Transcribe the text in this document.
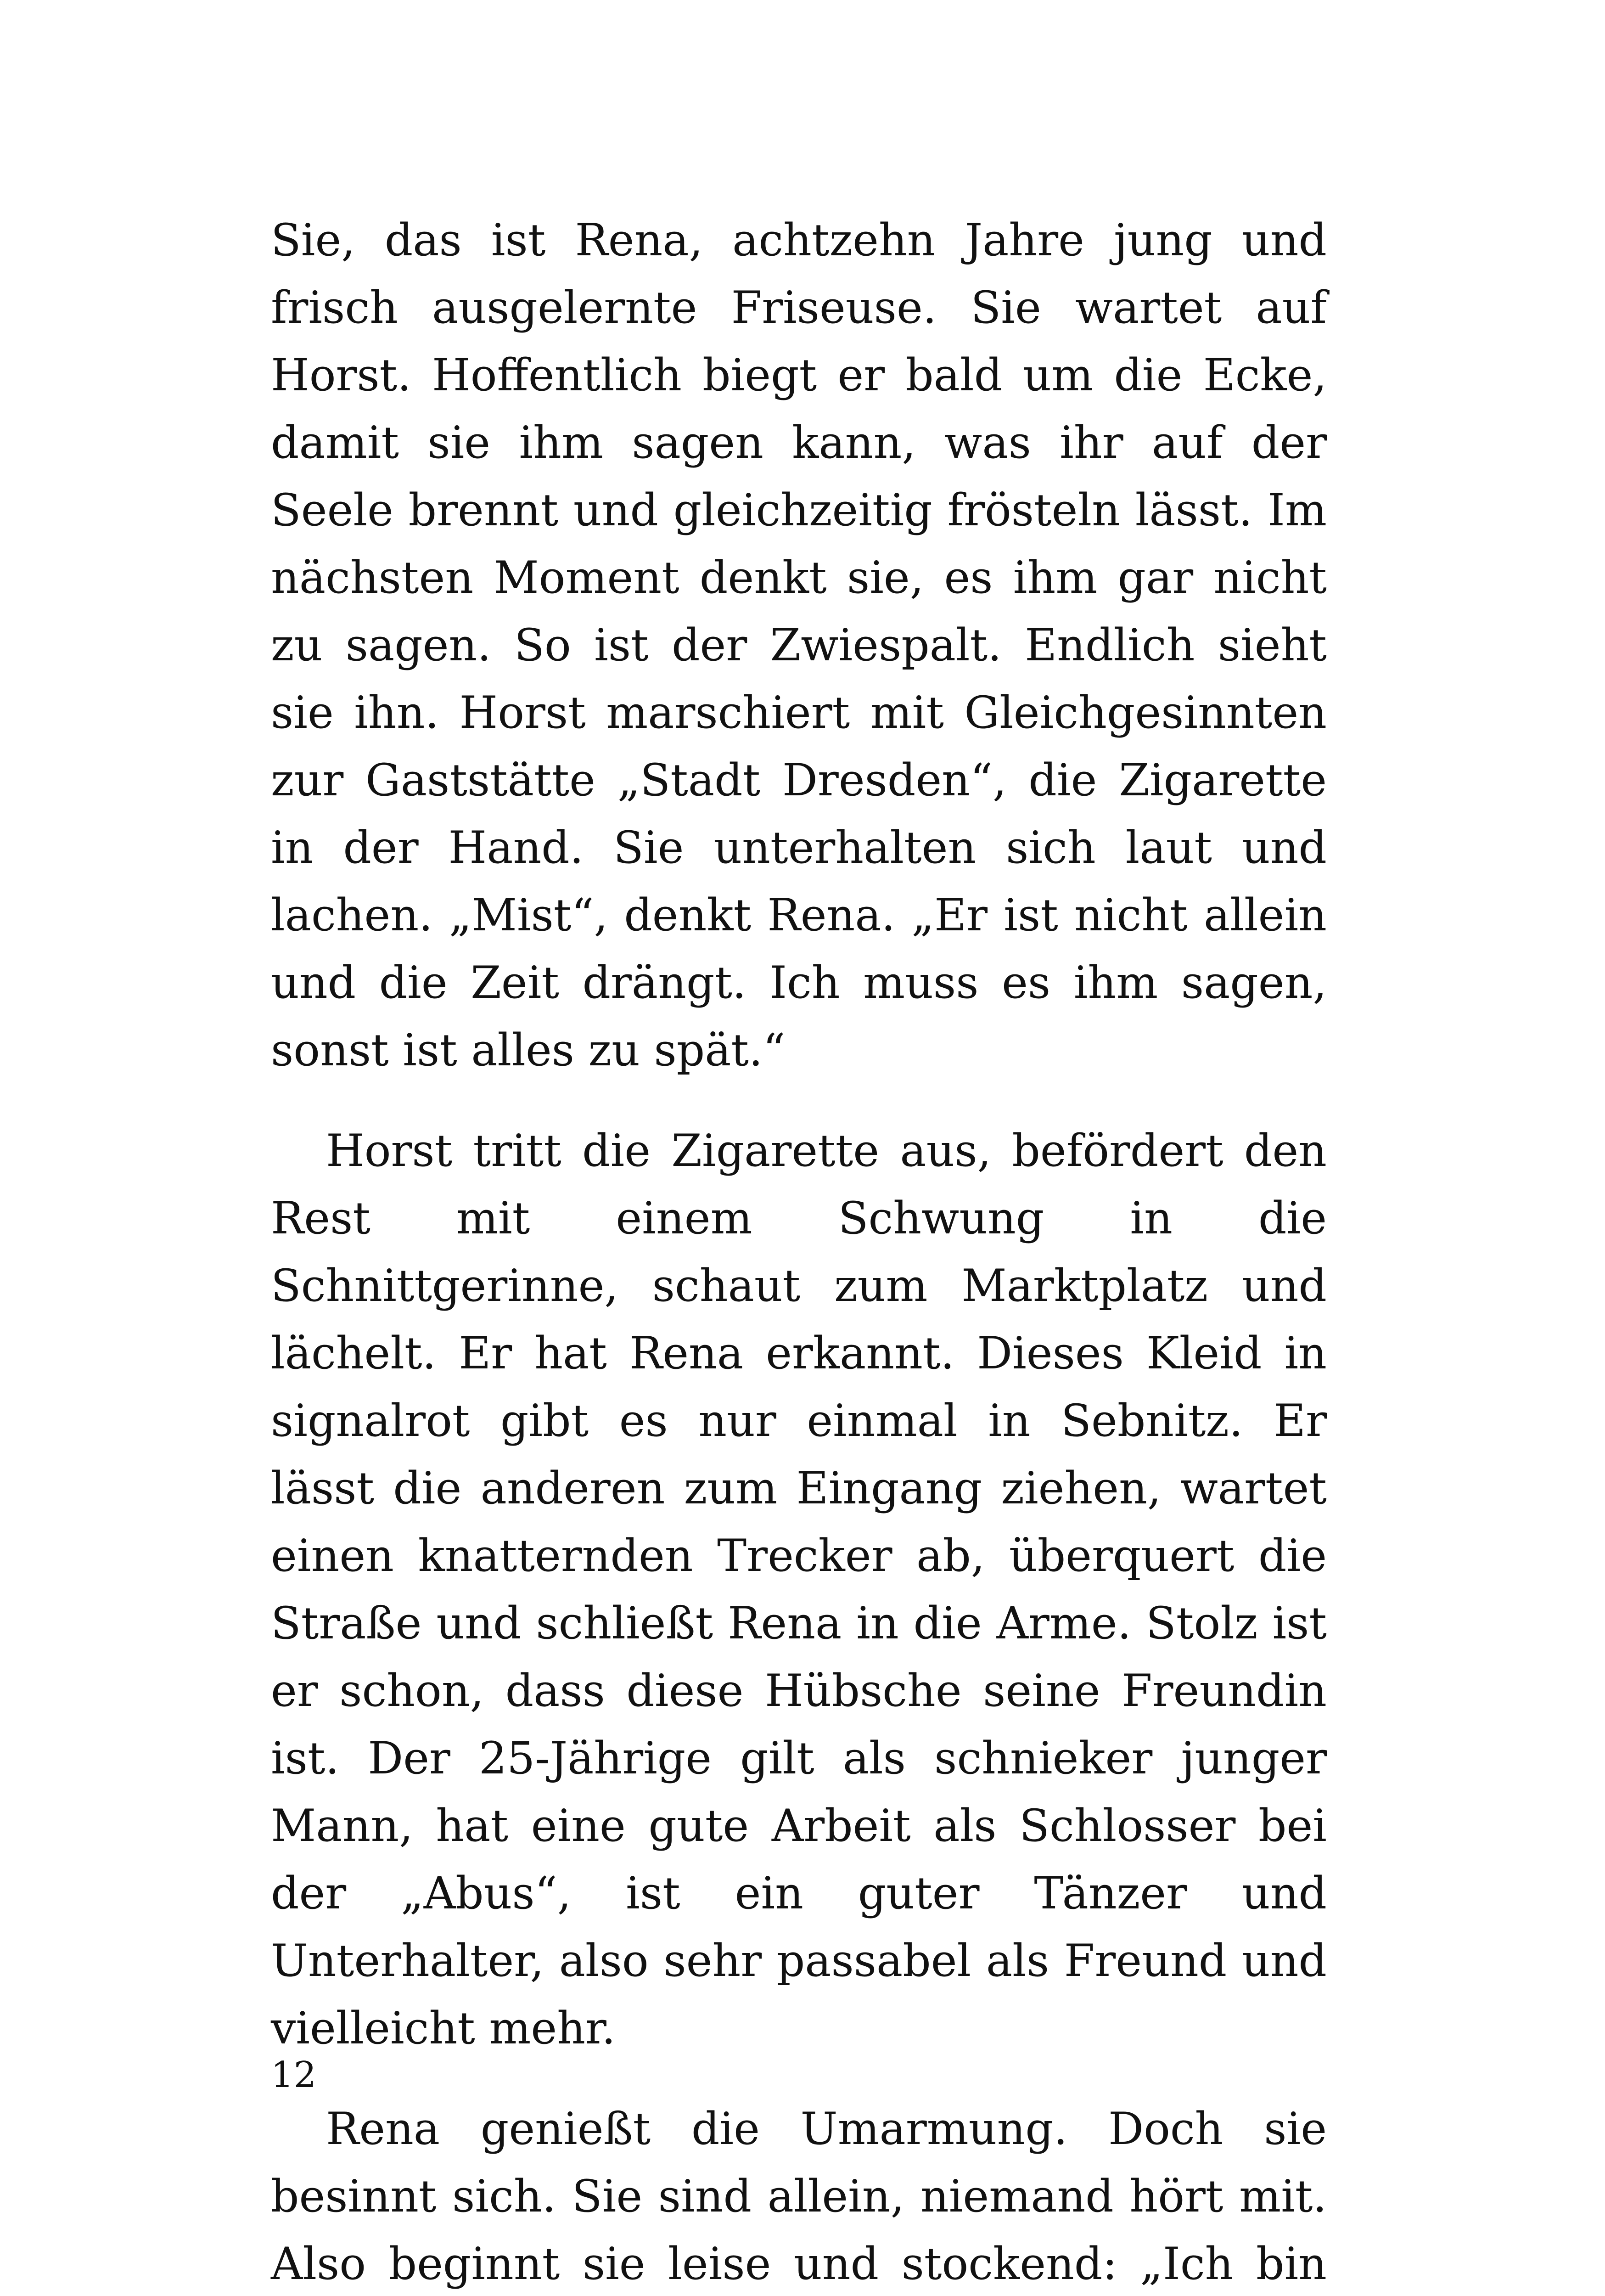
Sie, das ist Rena, achtzehn Jahre jung und frisch ausgelernte Friseuse. Sie wartet auf Horst. Hoffentlich biegt er bald um die Ecke, damit sie ihm sagen kann, was ihr auf der Seele brennt und gleichzeitig frösteln lässt. Im nächsten Moment denkt sie, es ihm gar nicht zu sagen. So ist der Zwiespalt. Endlich sieht sie ihn. Horst marschiert mit Gleichgesinnten zur Gaststätte „Stadt Dresden“, die Zigarette in der Hand. Sie unterhalten sich laut und lachen. „Mist“, denkt Rena. „Er ist nicht allein und die Zeit drängt. Ich muss es ihm sagen, sonst ist alles zu spät.“

Horst tritt die Zigarette aus, befördert den Rest mit einem Schwung in die Schnittgerinne, schaut zum Marktplatz und lächelt. Er hat Rena erkannt. Dieses Kleid in signalrot gibt es nur einmal in Sebnitz. Er lässt die anderen zum Eingang ziehen, wartet einen knatternden Trecker ab, überquert die Straße und schließt Rena in die Arme. Stolz ist er schon, dass diese Hübsche seine Freundin ist. Der 25-Jährige gilt als schnieker junger Mann, hat eine gute Arbeit als Schlosser bei der „Abus“, ist ein guter Tänzer und Unterhalter, also sehr passabel als Freund und vielleicht mehr.

Rena genießt die Umarmung. Doch sie besinnt sich. Sie sind allein, niemand hört mit. Also beginnt sie leise und stockend: „Ich bin

12
